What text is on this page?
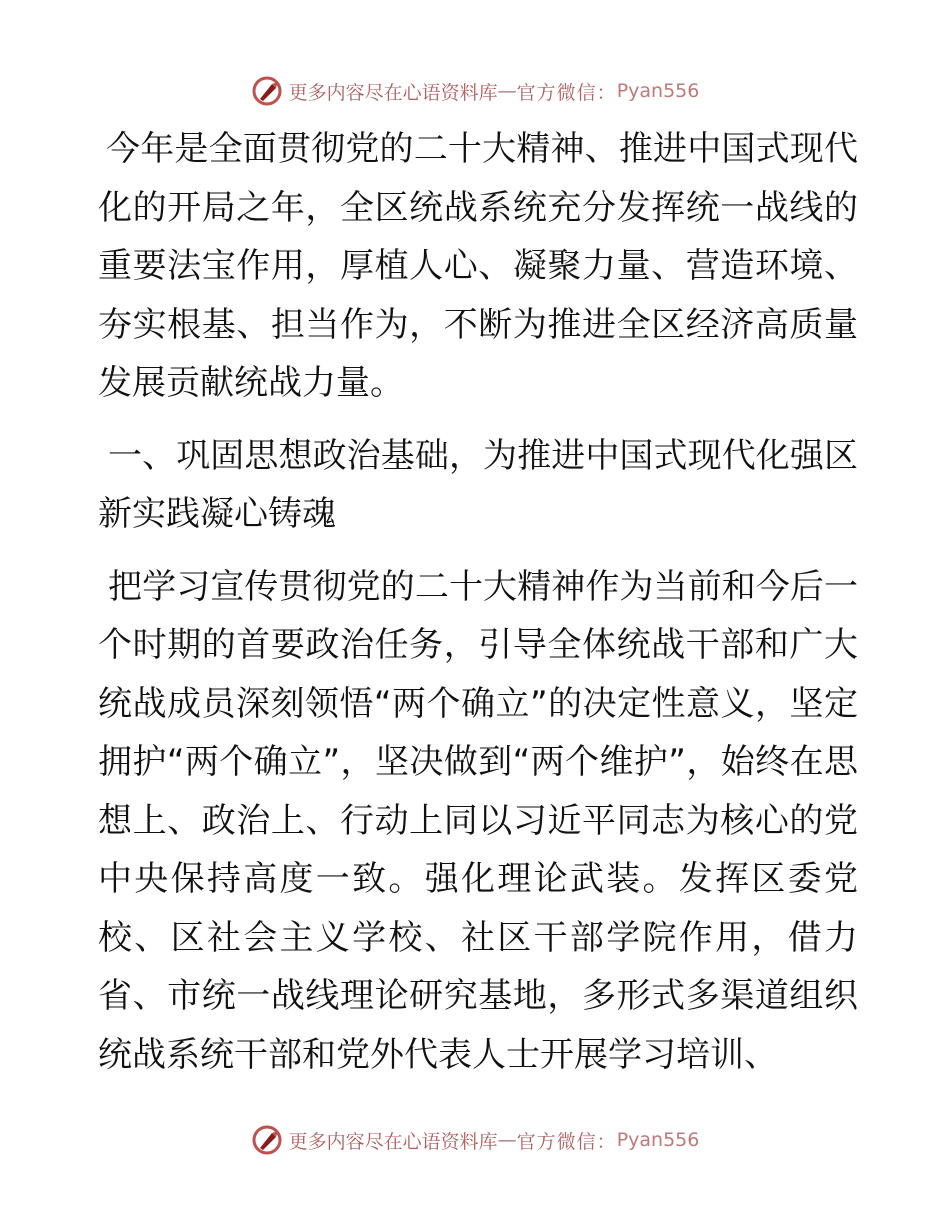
更多内容尽在心语资料库 — 官方微信： Pyan556

今年是全面贯彻党的二十大精神、推进中国式现代化的开局之年，全区统战系统充分发挥统一战线的重要法宝作用，厚植人心、凝聚力量、营造环境、夯实根基、担当作为，不断为推进全区经济高质量发展贡献统战力量。

一、巩固思想政治基础，为推进中国式现代化强区新实践凝心铸魂

把学习宣传贯彻党的二十大精神作为当前和今后一个时期的首要政治任务，引导全体统战干部和广大统战成员深刻领悟“两个确立”的决定性意义，坚定拥护“两个确立”，坚决做到“两个维护”，始终在思想上、政治上、行动上同以习近平同志为核心的党中央保持高度一致。强化理论武装。发挥区委党校、区社会主义学校、社区干部学院作用，借力省、市统一战线理论研究基地，多形式多渠道组织统战系统干部和党外代表人士开展学习培训、

更多内容尽在心语资料库 — 官方微信： Pyan556
